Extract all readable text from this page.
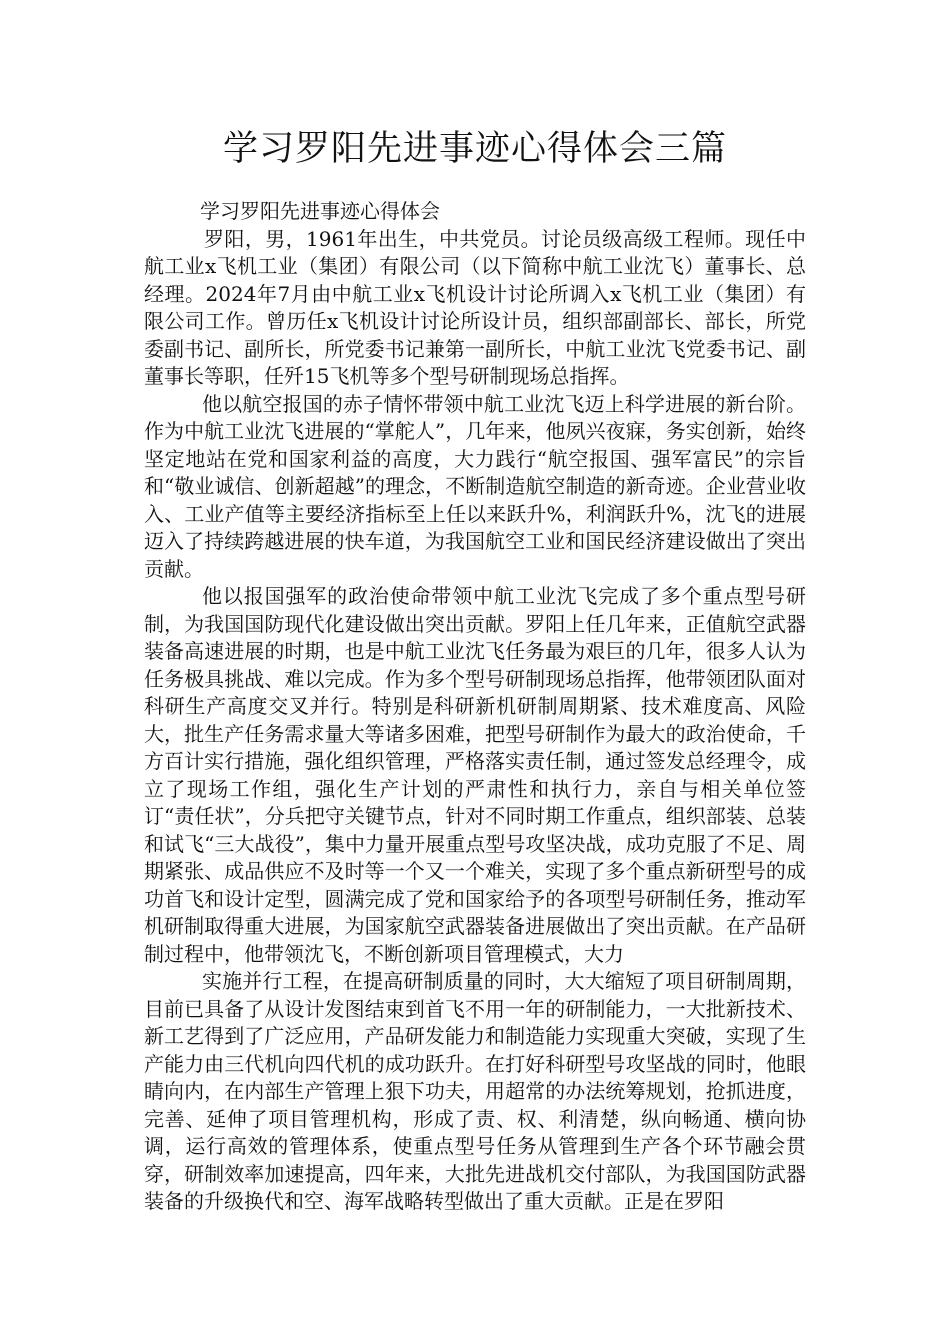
学习罗阳先进事迹心得体会三篇

学习罗阳先进事迹心得体会

罗阳，男，1961年出生，中共党员。讨论员级高级工程师。现任中航工业x飞机工业（集团）有限公司（以下简称中航工业沈飞）董事长、总经理。2024年7月由中航工业x飞机设计讨论所调入x飞机工业（集团）有限公司工作。曾历任x飞机设计讨论所设计员，组织部副部长、部长，所党委副书记、副所长，所党委书记兼第一副所长，中航工业沈飞党委书记、副董事长等职，任歼15飞机等多个型号研制现场总指挥。

他以航空报国的赤子情怀带领中航工业沈飞迈上科学进展的新台阶。作为中航工业沈飞进展的“掌舵人”，几年来，他夙兴夜寐，务实创新，始终坚定地站在党和国家利益的高度，大力践行“航空报国、强军富民”的宗旨和“敬业诚信、创新超越”的理念，不断制造航空制造的新奇迹。企业营业收入、工业产值等主要经济指标至上任以来跃升%，利润跃升%，沈飞的进展迈入了持续跨越进展的快车道，为我国航空工业和国民经济建设做出了突出贡献。

他以报国强军的政治使命带领中航工业沈飞完成了多个重点型号研制，为我国国防现代化建设做出突出贡献。罗阳上任几年来，正值航空武器装备高速进展的时期，也是中航工业沈飞任务最为艰巨的几年，很多人认为任务极具挑战、难以完成。作为多个型号研制现场总指挥，他带领团队面对科研生产高度交叉并行。特别是科研新机研制周期紧、技术难度高、风险大，批生产任务需求量大等诸多困难，把型号研制作为最大的政治使命，千方百计实行措施，强化组织管理，严格落实责任制，通过签发总经理令，成立了现场工作组，强化生产计划的严肃性和执行力，亲自与相关单位签订“责任状”，分兵把守关键节点，针对不同时期工作重点，组织部装、总装和试飞“三大战役”，集中力量开展重点型号攻坚决战，成功克服了不足、周期紧张、成品供应不及时等一个又一个难关，实现了多个重点新研型号的成功首飞和设计定型，圆满完成了党和国家给予的各项型号研制任务，推动军机研制取得重大进展，为国家航空武器装备进展做出了突出贡献。在产品研制过程中，他带领沈飞，不断创新项目管理模式，大力

实施并行工程，在提高研制质量的同时，大大缩短了项目研制周期，目前已具备了从设计发图结束到首飞不用一年的研制能力，一大批新技术、新工艺得到了广泛应用，产品研发能力和制造能力实现重大突破，实现了生产能力由三代机向四代机的成功跃升。在打好科研型号攻坚战的同时，他眼睛向内，在内部生产管理上狠下功夫，用超常的办法统筹规划，抢抓进度，完善、延伸了项目管理机构，形成了责、权、利清楚，纵向畅通、横向协调，运行高效的管理体系，使重点型号任务从管理到生产各个环节融会贯穿，研制效率加速提高，四年来，大批先进战机交付部队，为我国国防武器装备的升级换代和空、海军战略转型做出了重大贡献。正是在罗阳
